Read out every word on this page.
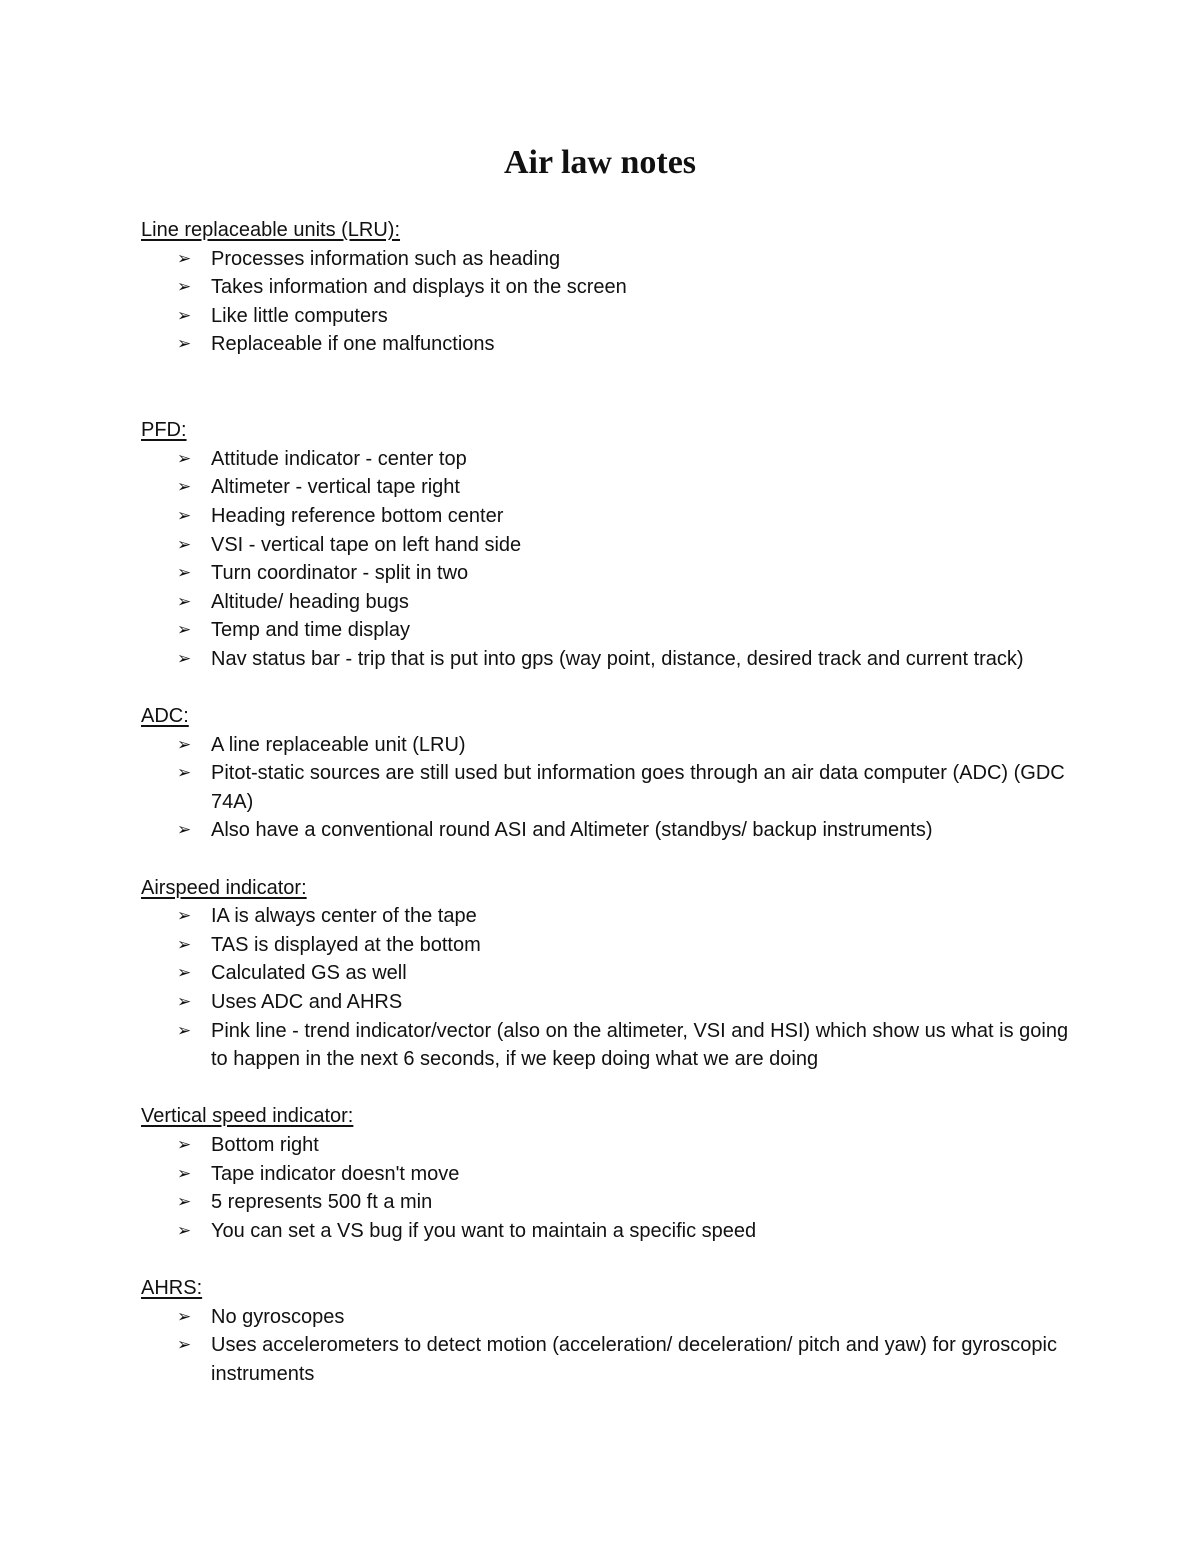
Air law notes

Line replaceable units (LRU):

➢ Processes information such as heading
➢ Takes information and displays it on the screen
➢ Like little computers
➢ Replaceable if one malfunctions

PFD:

➢ Attitude indicator - center top
➢ Altimeter - vertical tape right
➢ Heading reference bottom center
➢ VSI - vertical tape on left hand side
➢ Turn coordinator - split in two
➢ Altitude/ heading bugs
➢ Temp and time display
➢ Nav status bar - trip that is put into gps (way point, distance, desired track and current track)

ADC:

➢ A line replaceable unit (LRU)
➢ Pitot-static sources are still used but information goes through an air data computer (ADC) (GDC 74A)
➢ Also have a conventional round ASI and Altimeter (standbys/ backup instruments)

Airspeed indicator:

➢ IA is always center of the tape
➢ TAS is displayed at the bottom
➢ Calculated GS as well
➢ Uses ADC and AHRS
➢ Pink line - trend indicator/vector (also on the altimeter, VSI and HSI) which show us what is going to happen in the next 6 seconds, if we keep doing what we are doing

Vertical speed indicator:

➢ Bottom right
➢ Tape indicator doesn't move
➢ 5 represents 500 ft a min
➢ You can set a VS bug if you want to maintain a specific speed

AHRS:

➢ No gyroscopes
➢ Uses accelerometers to detect motion (acceleration/ deceleration/ pitch and yaw) for gyroscopic instruments
